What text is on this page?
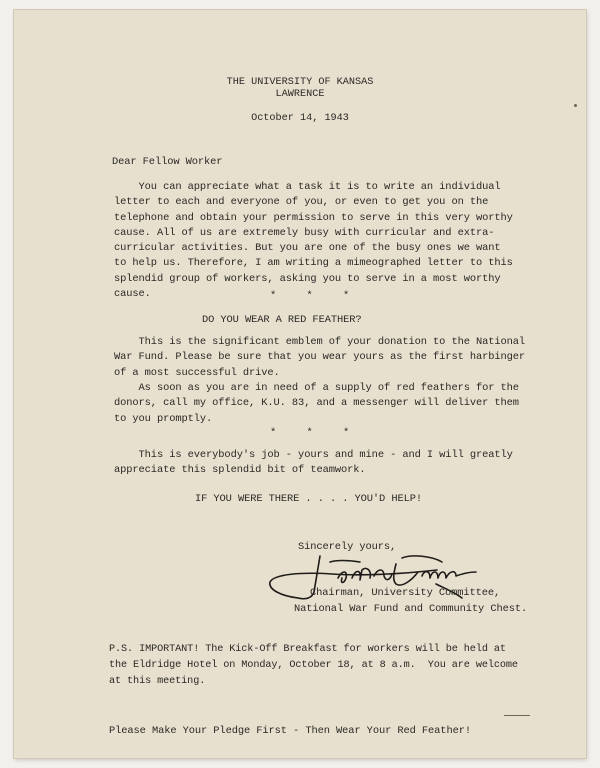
THE UNIVERSITY OF KANSAS
LAWRENCE
October 14, 1943
Dear Fellow Worker
You can appreciate what a task it is to write an individual
letter to each and everyone of you, or even to get you on the
telephone and obtain your permission to serve in this very worthy
cause. All of us are extremely busy with curricular and extra-
curricular activities. But you are one of the busy ones we want
to help us. Therefore, I am writing a mimeographed letter to this
splendid group of workers, asking you to serve in a most worthy
cause.	* * *
DO YOU WEAR A RED FEATHER?
This is the significant emblem of your donation to the National
War Fund. Please be sure that you wear yours as the first harbinger
of a most successful drive.
As soon as you are in need of a supply of red feathers for the
donors, call my office, K.U. 83, and a messenger will deliver them
to you promptly.
* * *
This is everybody's job - yours and mine - and I will greatly
appreciate this splendid bit of teamwork.
IF YOU WERE THERE . . . . YOU'D HELP!
Sincerely yours,
Chairman, University Committee,
National War Fund and Community Chest.
P.S. IMPORTANT! The Kick-Off Breakfast for workers will be held at
the Eldridge Hotel on Monday, October 18, at 8 a.m.  You are welcome
at this meeting.
Please Make Your Pledge First - Then Wear Your Red Feather!
